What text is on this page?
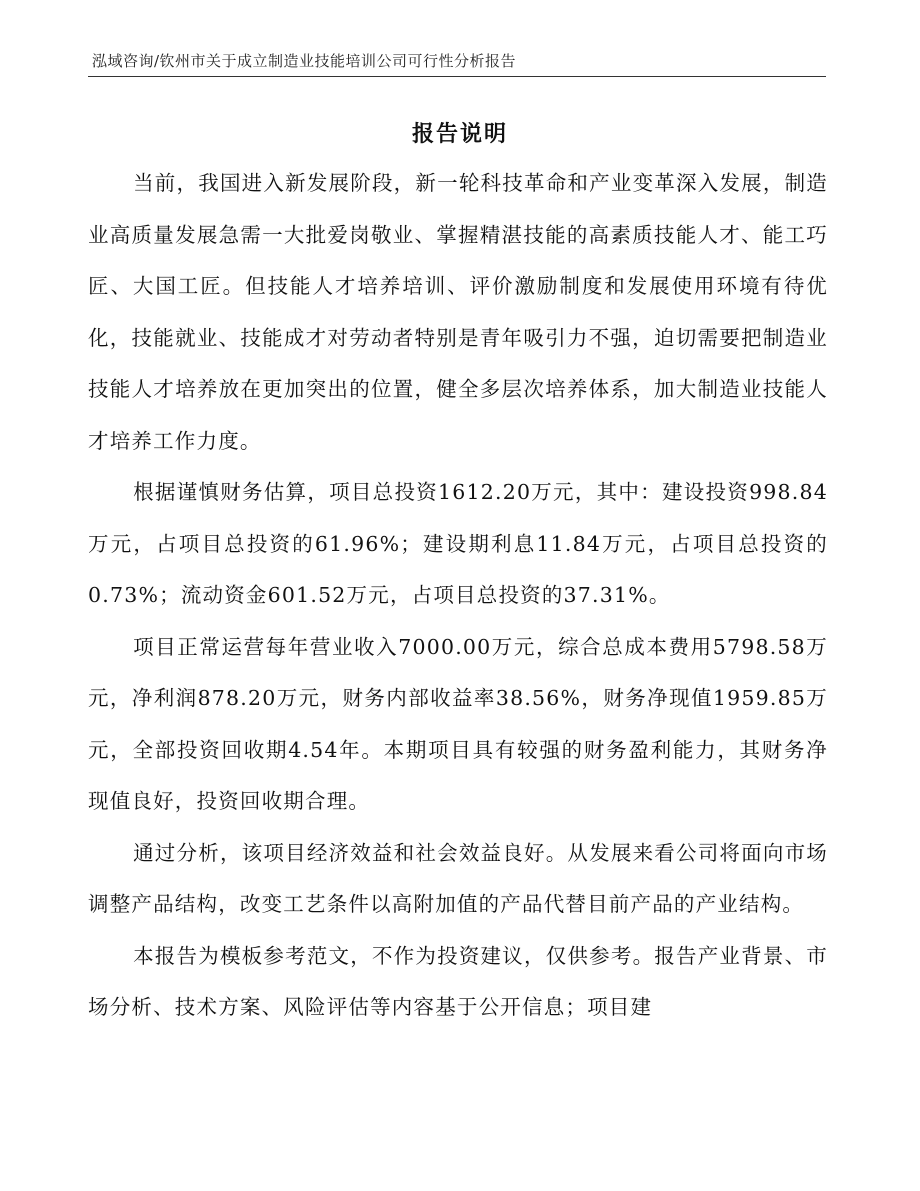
泓域咨询/钦州市关于成立制造业技能培训公司可行性分析报告
报告说明

当前，我国进入新发展阶段，新一轮科技革命和产业变革深入发展，制造业高质量发展急需一大批爱岗敬业、掌握精湛技能的高素质技能人才、能工巧匠、大国工匠。但技能人才培养培训、评价激励制度和发展使用环境有待优化，技能就业、技能成才对劳动者特别是青年吸引力不强，迫切需要把制造业技能人才培养放在更加突出的位置，健全多层次培养体系，加大制造业技能人才培养工作力度。

根据谨慎财务估算，项目总投资1612.20万元，其中：建设投资998.84万元，占项目总投资的61.96%；建设期利息11.84万元，占项目总投资的0.73%；流动资金601.52万元，占项目总投资的37.31%。

项目正常运营每年营业收入7000.00万元，综合总成本费用5798.58万元，净利润878.20万元，财务内部收益率38.56%，财务净现值1959.85万元，全部投资回收期4.54年。本期项目具有较强的财务盈利能力，其财务净现值良好，投资回收期合理。

通过分析，该项目经济效益和社会效益良好。从发展来看公司将面向市场调整产品结构，改变工艺条件以高附加值的产品代替目前产品的产业结构。

本报告为模板参考范文，不作为投资建议，仅供参考。报告产业背景、市场分析、技术方案、风险评估等内容基于公开信息；项目建
